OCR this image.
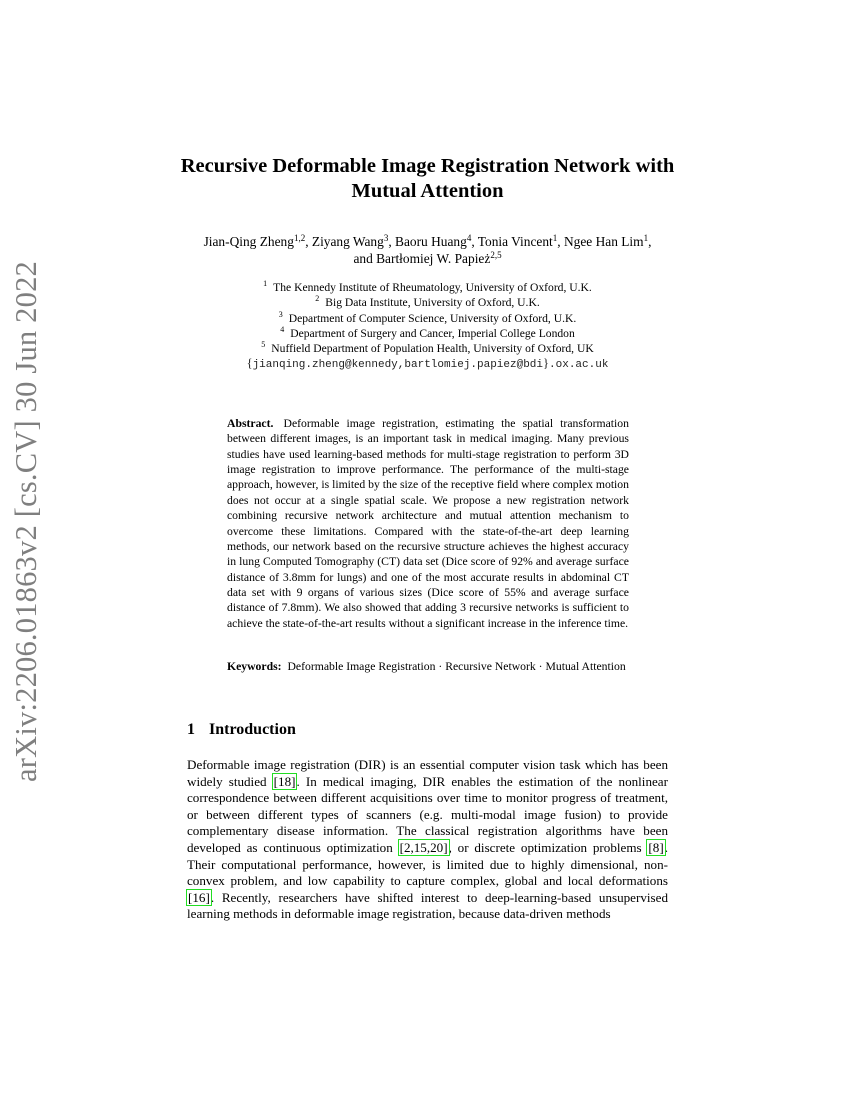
arXiv:2206.01863v2 [cs.CV] 30 Jun 2022
Recursive Deformable Image Registration Network with
Mutual Attention
Jian-Qing Zheng$^{1,2}$, Ziyang Wang$^3$, Baoru Huang$^4$, Tonia Vincent$^1$, Ngee Han Lim$^1$,
and Bartłomiej W. Papież$^{2,5}$
$^1$ The Kennedy Institute of Rheumatology, University of Oxford, U.K.
$^2$ Big Data Institute, University of Oxford, U.K.
$^3$ Department of Computer Science, University of Oxford, U.K.
$^4$ Department of Surgery and Cancer, Imperial College London
$^5$ Nuffield Department of Population Health, University of Oxford, UK
{jianqing.zheng@kennedy,bartlomiej.papiez@bdi}.ox.ac.uk

Abstract. Deformable image registration, estimating the spatial transformation between different images, is an important task in medical imaging. Many previous studies have used learning-based methods for multi-stage registration to perform 3D image registration to improve performance. The performance of the multi-stage approach, however, is limited by the size of the receptive field where complex motion does not occur at a single spatial scale. We propose a new registration network combining recursive network architecture and mutual attention mechanism to overcome these limitations. Compared with the state-of-the-art deep learning methods, our network based on the recursive structure achieves the highest accuracy in lung Computed Tomography (CT) data set (Dice score of 92% and average surface distance of 3.8mm for lungs) and one of the most accurate results in abdominal CT data set with 9 organs of various sizes (Dice score of 55% and average surface distance of 7.8mm). We also showed that adding 3 recursive networks is sufficient to achieve the state-of-the-art results without a significant increase in the inference time.

Keywords: Deformable Image Registration · Recursive Network · Mutual Attention

1 Introduction

Deformable image registration (DIR) is an essential computer vision task which has been widely studied [18]. In medical imaging, DIR enables the estimation of the nonlinear correspondence between different acquisitions over time to monitor progress of treatment, or between different types of scanners (e.g. multi-modal image fusion) to provide complementary disease information. The classical registration algorithms have been developed as continuous optimization [2,15,20], or discrete optimization problems [8]. Their computational performance, however, is limited due to highly dimensional, non-convex problem, and low capability to capture complex, global and local deformations [16]. Recently, researchers have shifted interest to deep-learning-based unsupervised learning methods in deformable image registration, because data-driven methods
